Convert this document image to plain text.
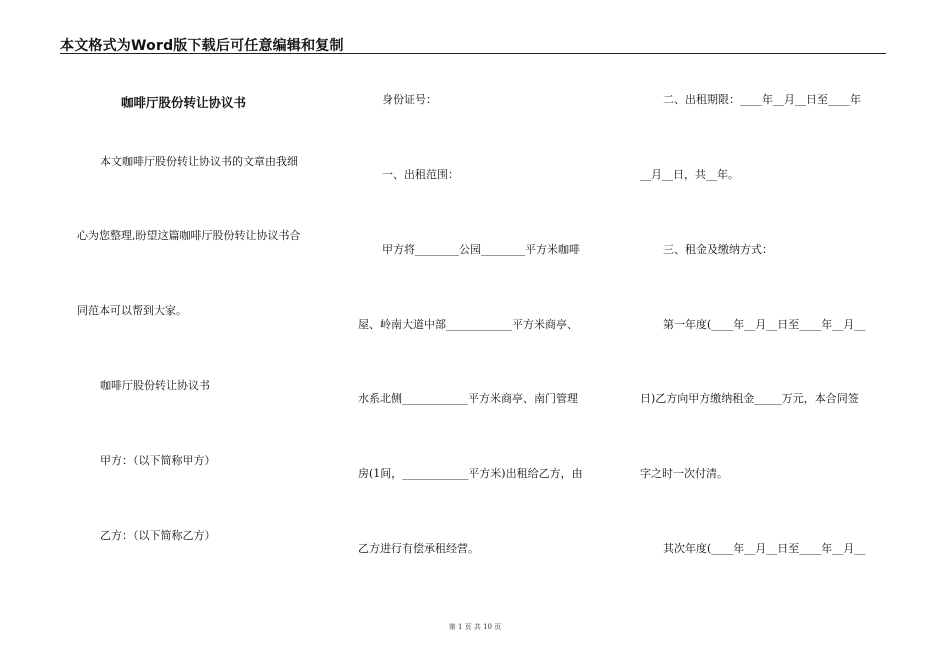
本文格式为Word版下载后可任意编辑和复制
咖啡厅股份转让协议书
本文咖啡厅股份转让协议书的文章由我细
心为您整理,盼望这篇咖啡厅股份转让协议书合
同范本可以帮到大家。
咖啡厅股份转让协议书
甲方：（以下简称甲方）
乙方：（以下简称乙方）
身份证号：
一、出租范围：
甲方将________公园________平方米咖啡
屋、岭南大道中部____________平方米商亭、
水系北侧____________平方米商亭、南门管理
房(1间，____________平方米)出租给乙方，由
乙方进行有偿承租经营。
二、出租期限：____年__月__日至____年
__月__日，共__年。
三、租金及缴纳方式：
第一年度(____年__月__日至____年__月__
日)乙方向甲方缴纳租金_____万元，本合同签
字之时一次付清。
其次年度(____年__月__日至____年__月__
第 1 页 共 10 页
